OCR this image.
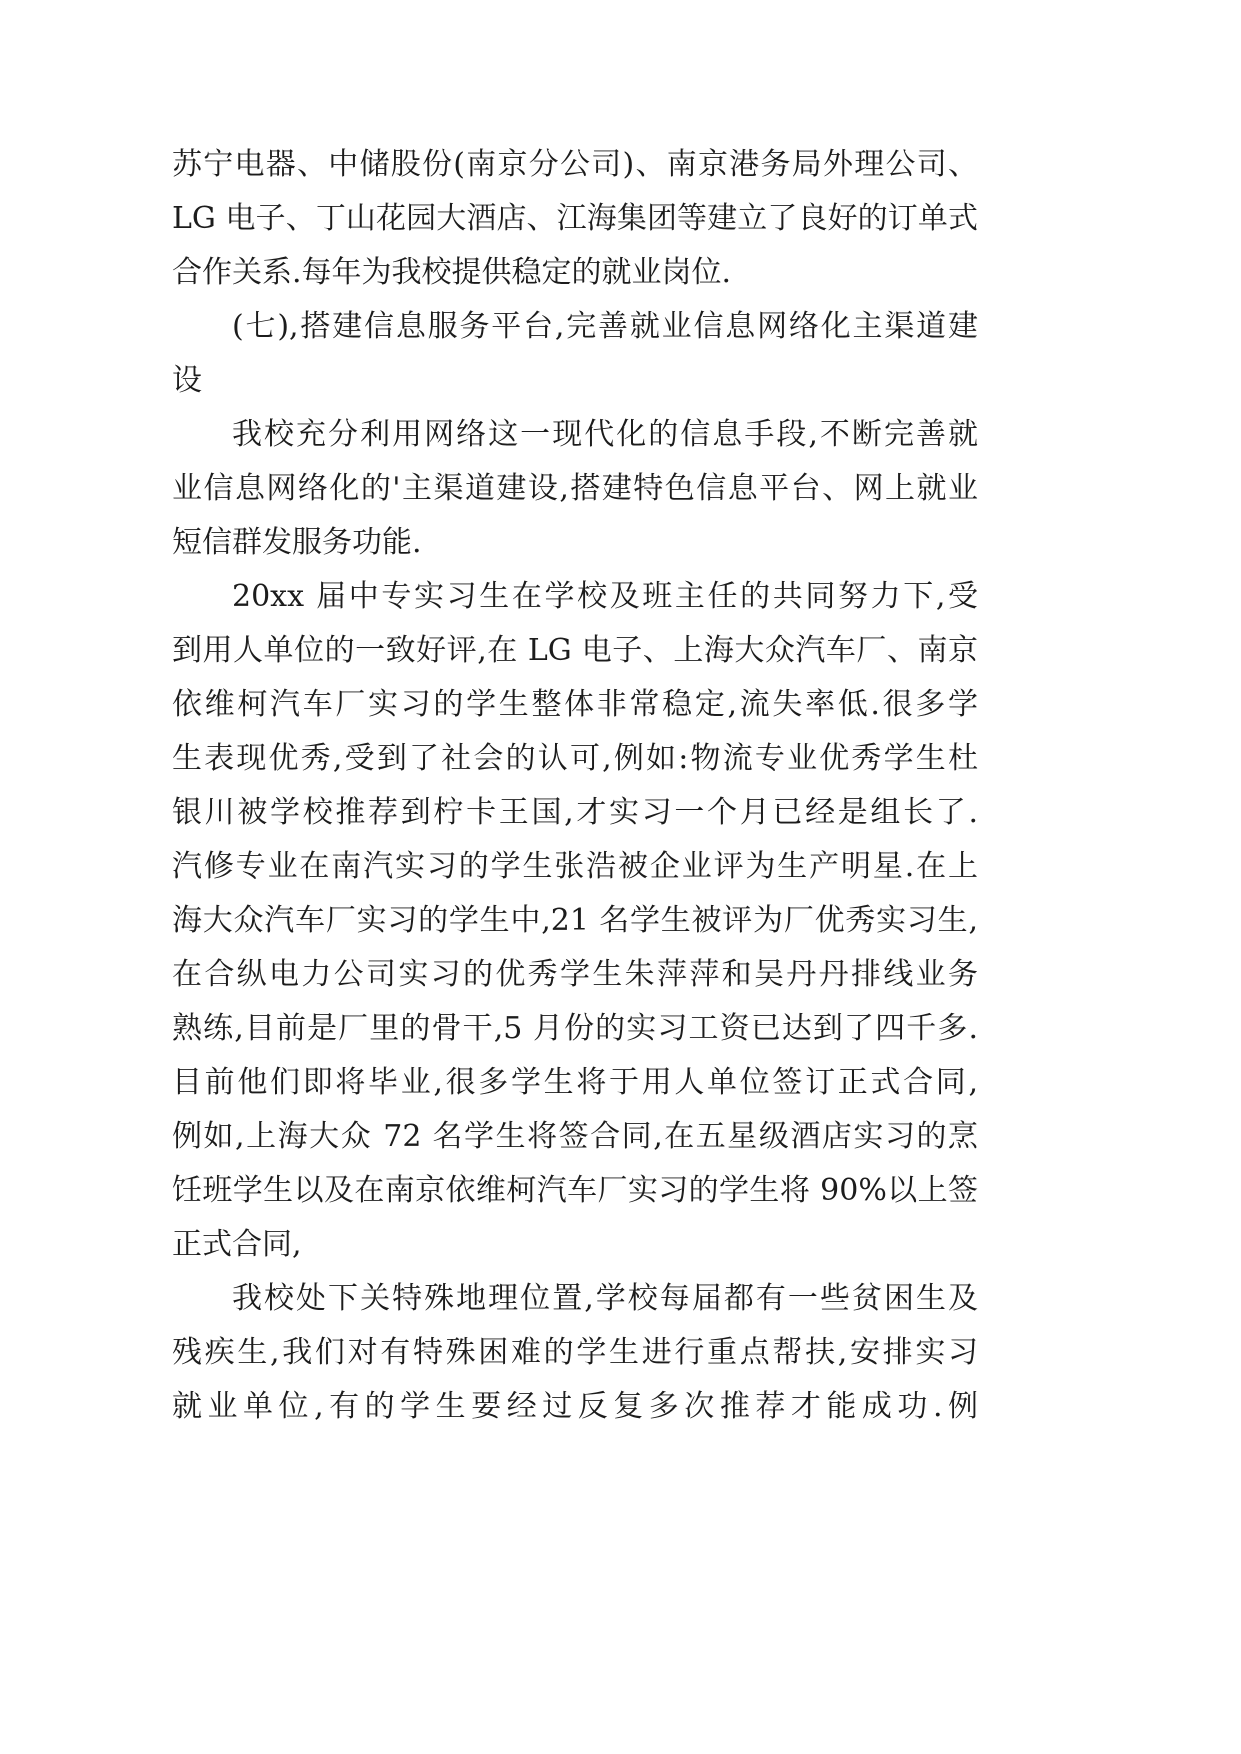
苏宁电器、中储股份(南京分公司)、南京港务局外理公司、
LG 电子、丁山花园大酒店、江海集团等建立了良好的订单式
合作关系.每年为我校提供稳定的就业岗位.
(七),搭建信息服务平台,完善就业信息网络化主渠道建
设
我校充分利用网络这一现代化的信息手段,不断完善就
业信息网络化的'主渠道建设,搭建特色信息平台、网上就业
短信群发服务功能.
20xx 届中专实习生在学校及班主任的共同努力下,受
到用人单位的一致好评,在 LG 电子、上海大众汽车厂、南京
依维柯汽车厂实习的学生整体非常稳定,流失率低.很多学
生表现优秀,受到了社会的认可,例如:物流专业优秀学生杜
银川被学校推荐到柠卡王国,才实习一个月已经是组长了.
汽修专业在南汽实习的学生张浩被企业评为生产明星.在上
海大众汽车厂实习的学生中,21 名学生被评为厂优秀实习生,
在合纵电力公司实习的优秀学生朱萍萍和吴丹丹排线业务
熟练,目前是厂里的骨干,5 月份的实习工资已达到了四千多.
目前他们即将毕业,很多学生将于用人单位签订正式合同,
例如,上海大众 72 名学生将签合同,在五星级酒店实习的烹
饪班学生以及在南京依维柯汽车厂实习的学生将 90%以上签
正式合同,
我校处下关特殊地理位置,学校每届都有一些贫困生及
残疾生,我们对有特殊困难的学生进行重点帮扶,安排实习
就业单位,有的学生要经过反复多次推荐才能成功.例
